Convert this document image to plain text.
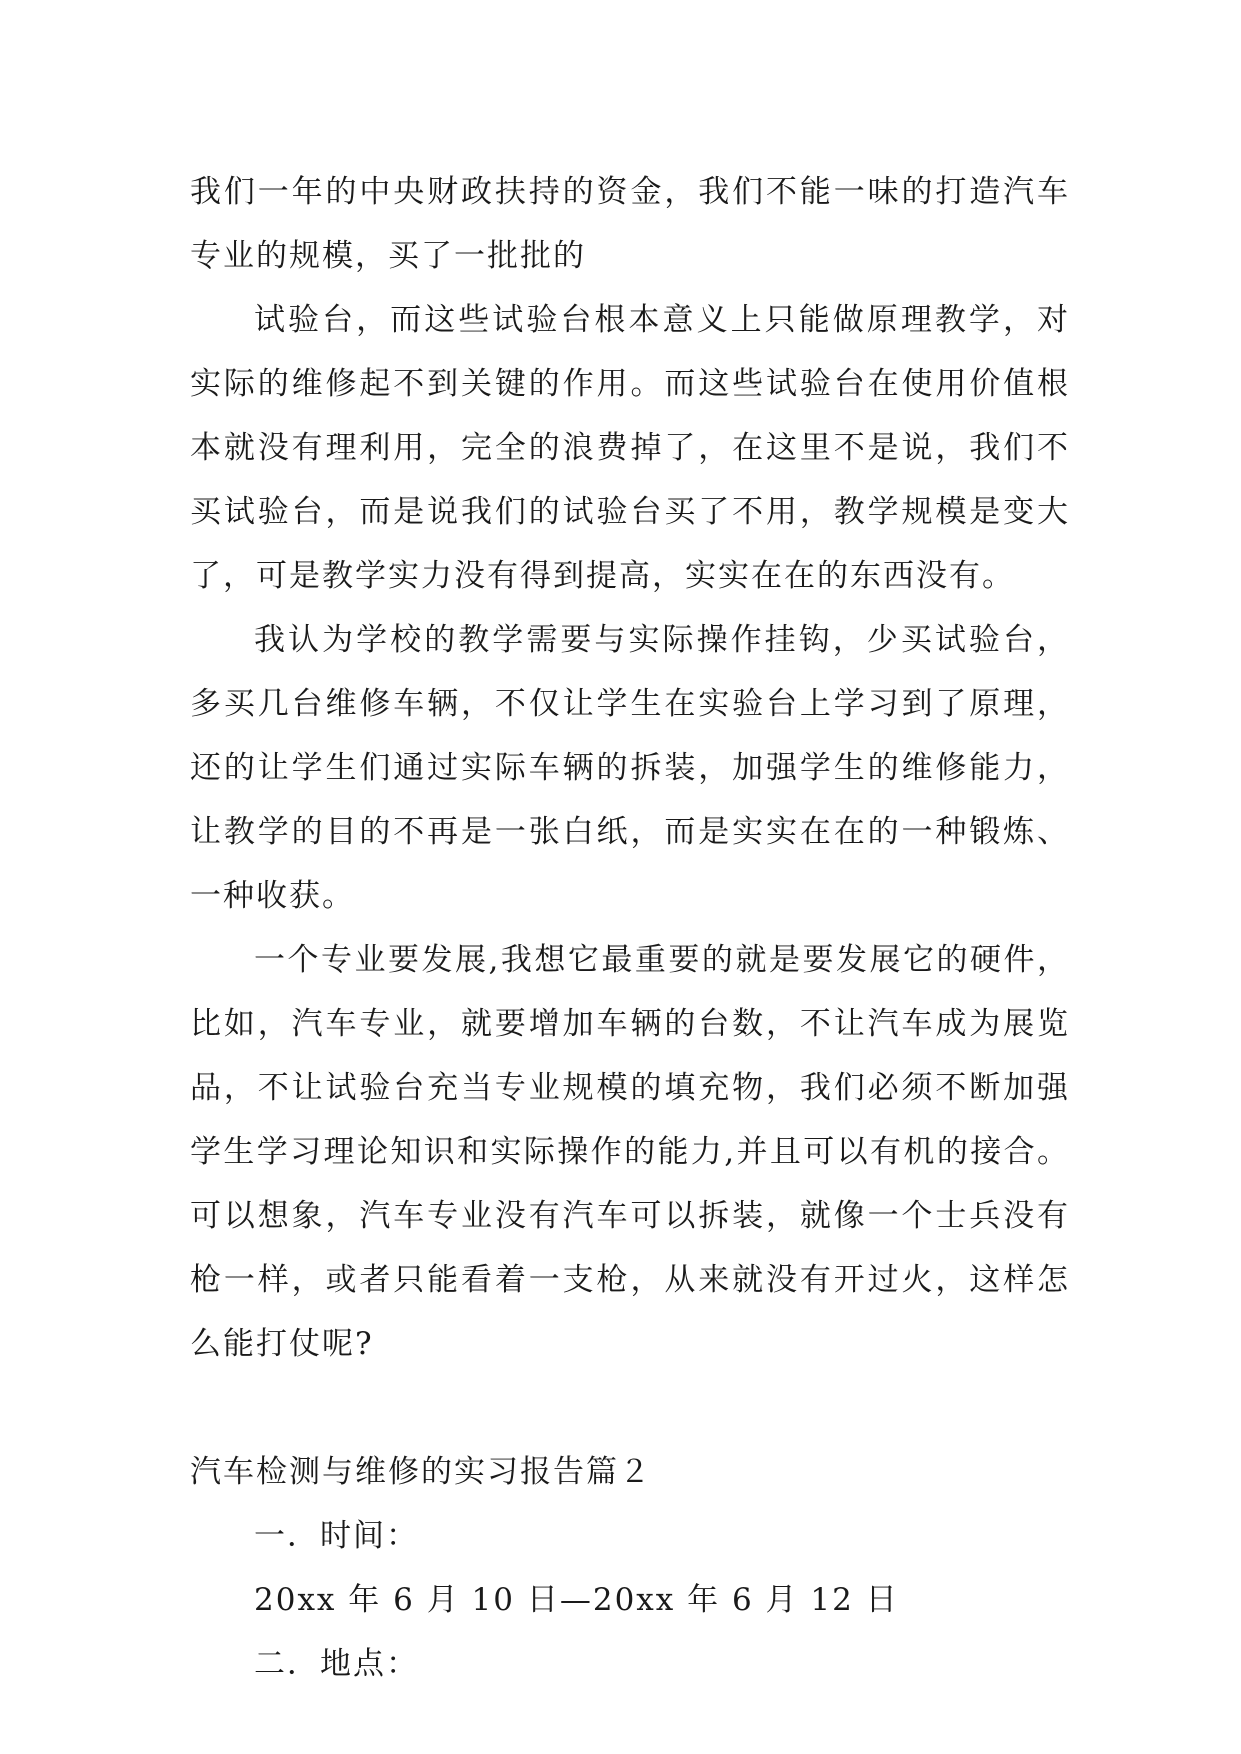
我们一年的中央财政扶持的资金，我们不能一味的打造汽车专业的规模，买了一批批的

试验台，而这些试验台根本意义上只能做原理教学，对实际的维修起不到关键的作用。而这些试验台在使用价值根本就没有理利用，完全的浪费掉了，在这里不是说，我们不买试验台，而是说我们的试验台买了不用，教学规模是变大了，可是教学实力没有得到提高，实实在在的东西没有。

我认为学校的教学需要与实际操作挂钩，少买试验台，多买几台维修车辆，不仅让学生在实验台上学习到了原理，还的让学生们通过实际车辆的拆装，加强学生的维修能力，让教学的目的不再是一张白纸，而是实实在在的一种锻炼、一种收获。

一个专业要发展,我想它最重要的就是要发展它的硬件，比如，汽车专业，就要增加车辆的台数，不让汽车成为展览品，不让试验台充当专业规模的填充物，我们必须不断加强学生学习理论知识和实际操作的能力,并且可以有机的接合。可以想象，汽车专业没有汽车可以拆装，就像一个士兵没有枪一样，或者只能看着一支枪，从来就没有开过火，这样怎么能打仗呢?

汽车检测与维修的实习报告篇２
一．时间：
20xx 年 6 月 10 日—20xx 年 6 月 12 日
二．地点：
